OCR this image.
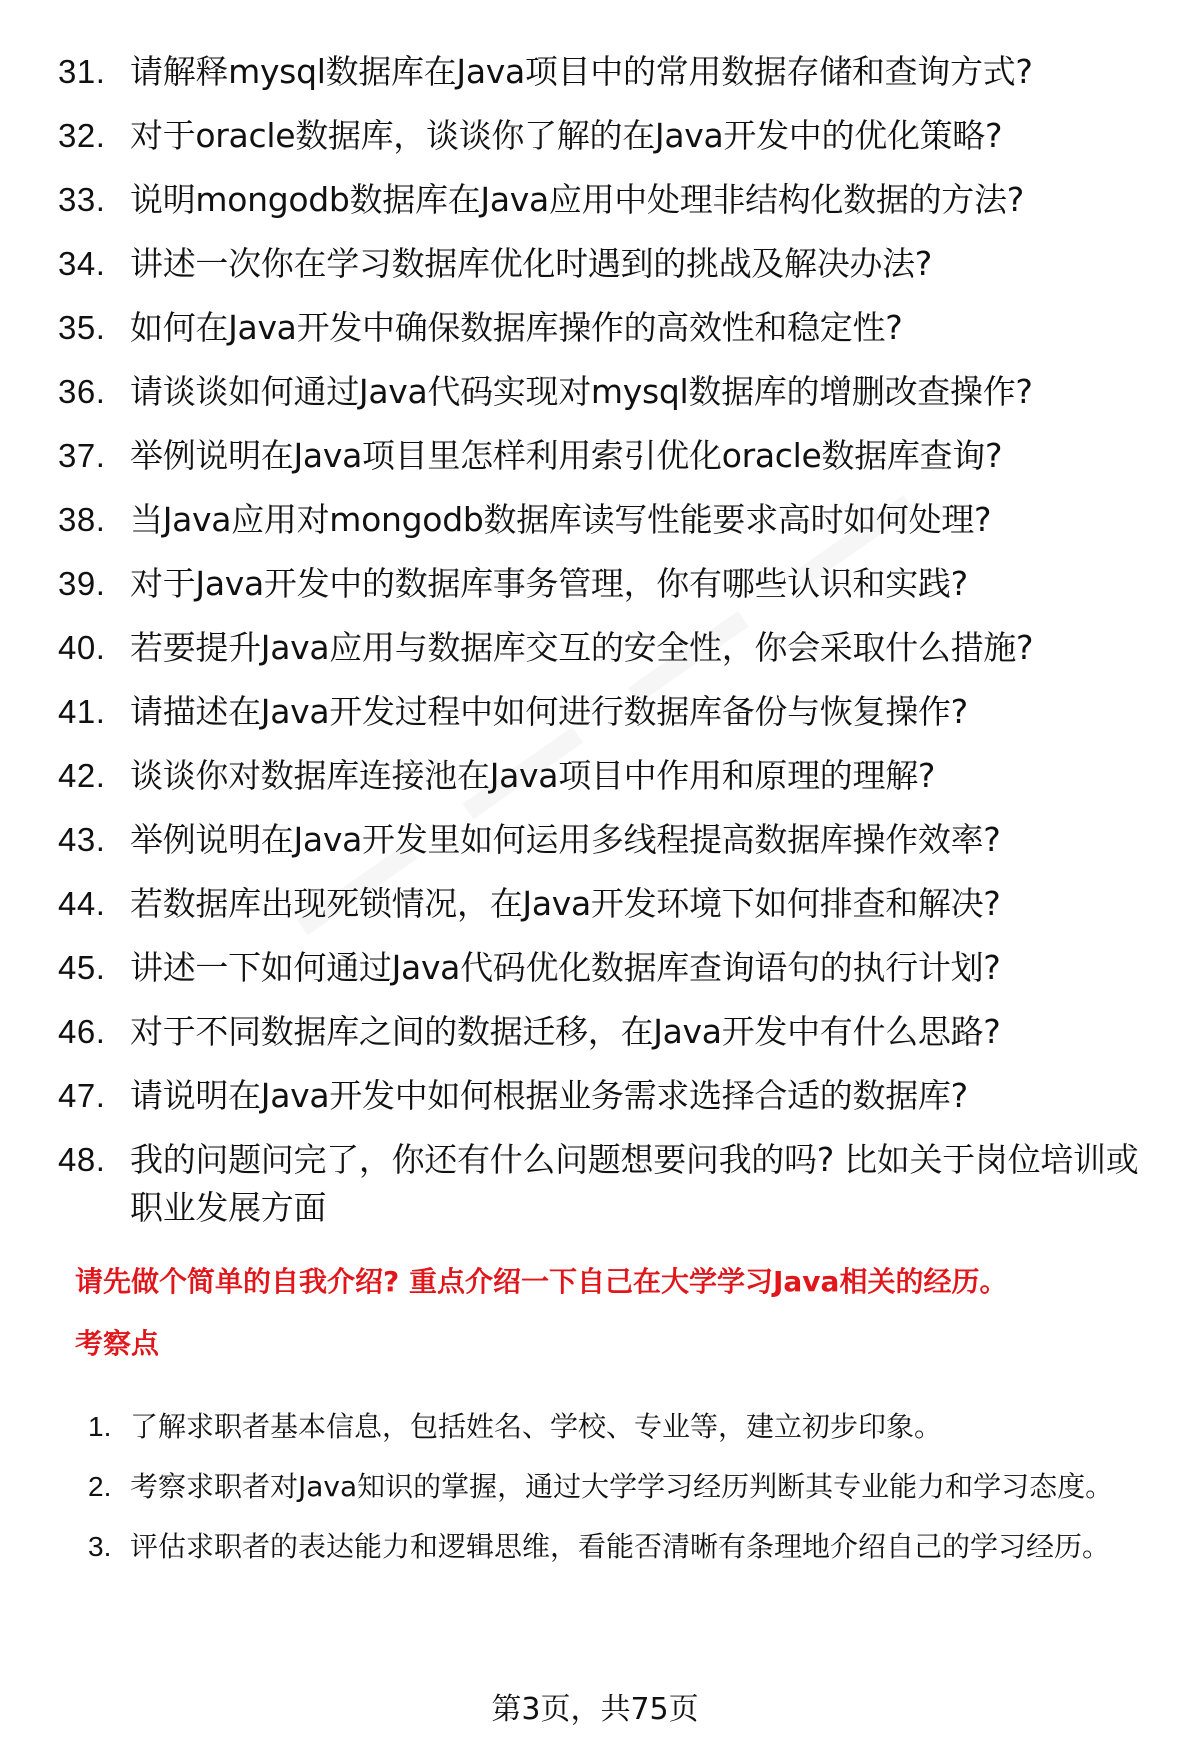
31. 请解释mysql数据库在Java项目中的常用数据存储和查询方式?
32. 对于oracle数据库，谈谈你了解的在Java开发中的优化策略?
33. 说明mongodb数据库在Java应用中处理非结构化数据的方法?
34. 讲述一次你在学习数据库优化时遇到的挑战及解决办法?
35. 如何在Java开发中确保数据库操作的高效性和稳定性?
36. 请谈谈如何通过Java代码实现对mysql数据库的增删改查操作?
37. 举例说明在Java项目里怎样利用索引优化oracle数据库查询?
38. 当Java应用对mongodb数据库读写性能要求高时如何处理?
39. 对于Java开发中的数据库事务管理，你有哪些认识和实践?
40. 若要提升Java应用与数据库交互的安全性，你会采取什么措施?
41. 请描述在Java开发过程中如何进行数据库备份与恢复操作?
42. 谈谈你对数据库连接池在Java项目中作用和原理的理解?
43. 举例说明在Java开发里如何运用多线程提高数据库操作效率?
44. 若数据库出现死锁情况，在Java开发环境下如何排查和解决?
45. 讲述一下如何通过Java代码优化数据库查询语句的执行计划?
46. 对于不同数据库之间的数据迁移，在Java开发中有什么思路?
47. 请说明在Java开发中如何根据业务需求选择合适的数据库?
48. 我的问题问完了，你还有什么问题想要问我的吗? 比如关于岗位培训或职业发展方面
请先做个简单的自我介绍? 重点介绍一下自己在大学学习Java相关的经历。
考察点
1. 了解求职者基本信息，包括姓名、学校、专业等，建立初步印象。
2. 考察求职者对Java知识的掌握，通过大学学习经历判断其专业能力和学习态度。
3. 评估求职者的表达能力和逻辑思维，看能否清晰有条理地介绍自己的学习经历。
第3页，共75页
